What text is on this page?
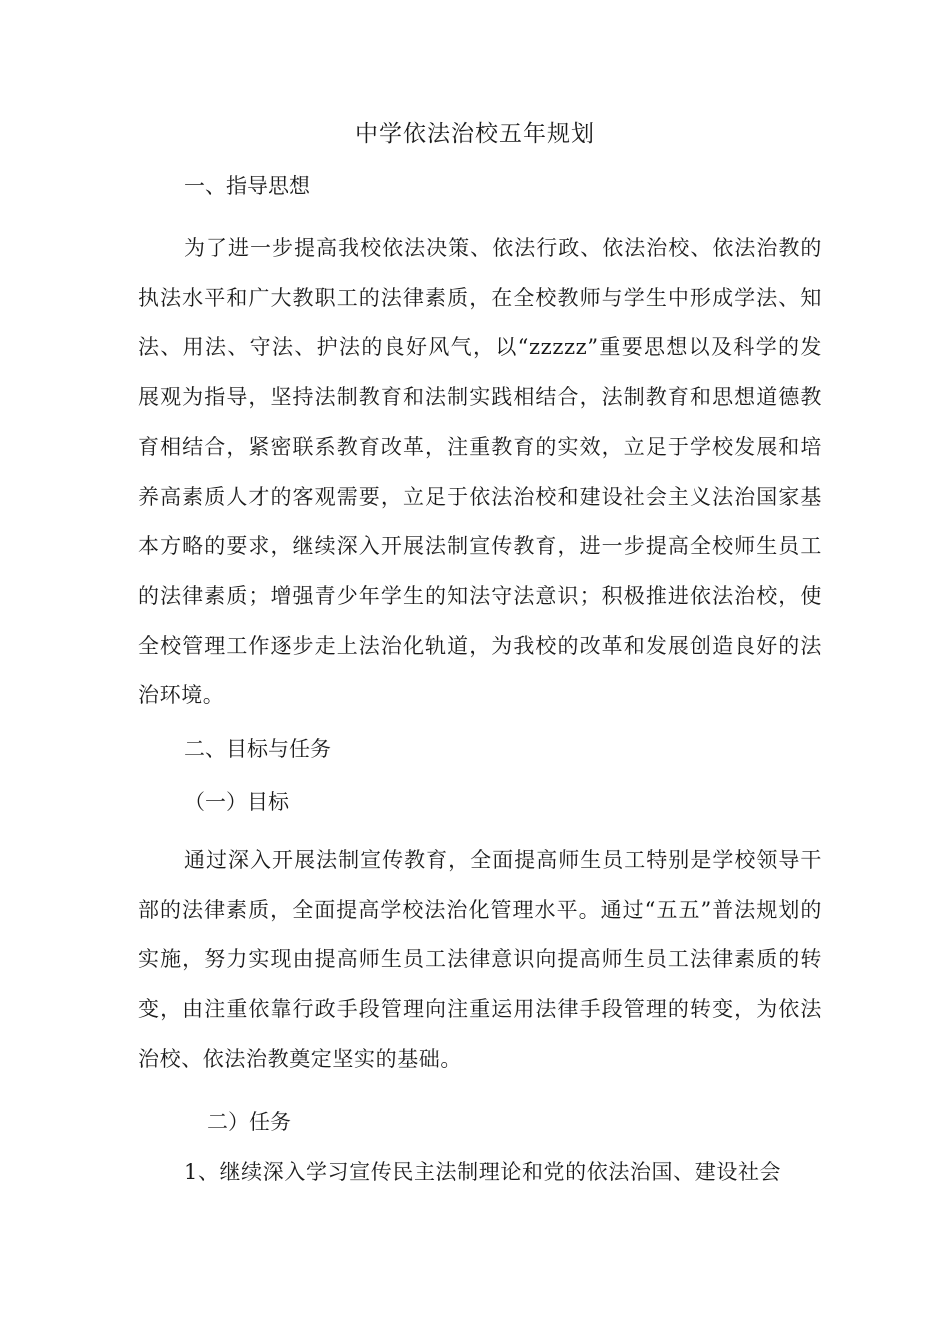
中学依法治校五年规划

一、指导思想

为了进一步提高我校依法决策、依法行政、依法治校、依法治教的执法水平和广大教职工的法律素质，在全校教师与学生中形成学法、知法、用法、守法、护法的良好风气，以“zzzzz”重要思想以及科学的发展观为指导，坚持法制教育和法制实践相结合，法制教育和思想道德教育相结合，紧密联系教育改革，注重教育的实效，立足于学校发展和培养高素质人才的客观需要，立足于依法治校和建设社会主义法治国家基本方略的要求，继续深入开展法制宣传教育，进一步提高全校师生员工的法律素质；增强青少年学生的知法守法意识；积极推进依法治校，使全校管理工作逐步走上法治化轨道，为我校的改革和发展创造良好的法治环境。

二、目标与任务

（一）目标

通过深入开展法制宣传教育，全面提高师生员工特别是学校领导干部的法律素质，全面提高学校法治化管理水平。通过“五五”普法规划的实施，努力实现由提高师生员工法律意识向提高师生员工法律素质的转变，由注重依靠行政手段管理向注重运用法律手段管理的转变，为依法治校、依法治教奠定坚实的基础。

二）任务

1、继续深入学习宣传民主法制理论和党的依法治国、建设社会
